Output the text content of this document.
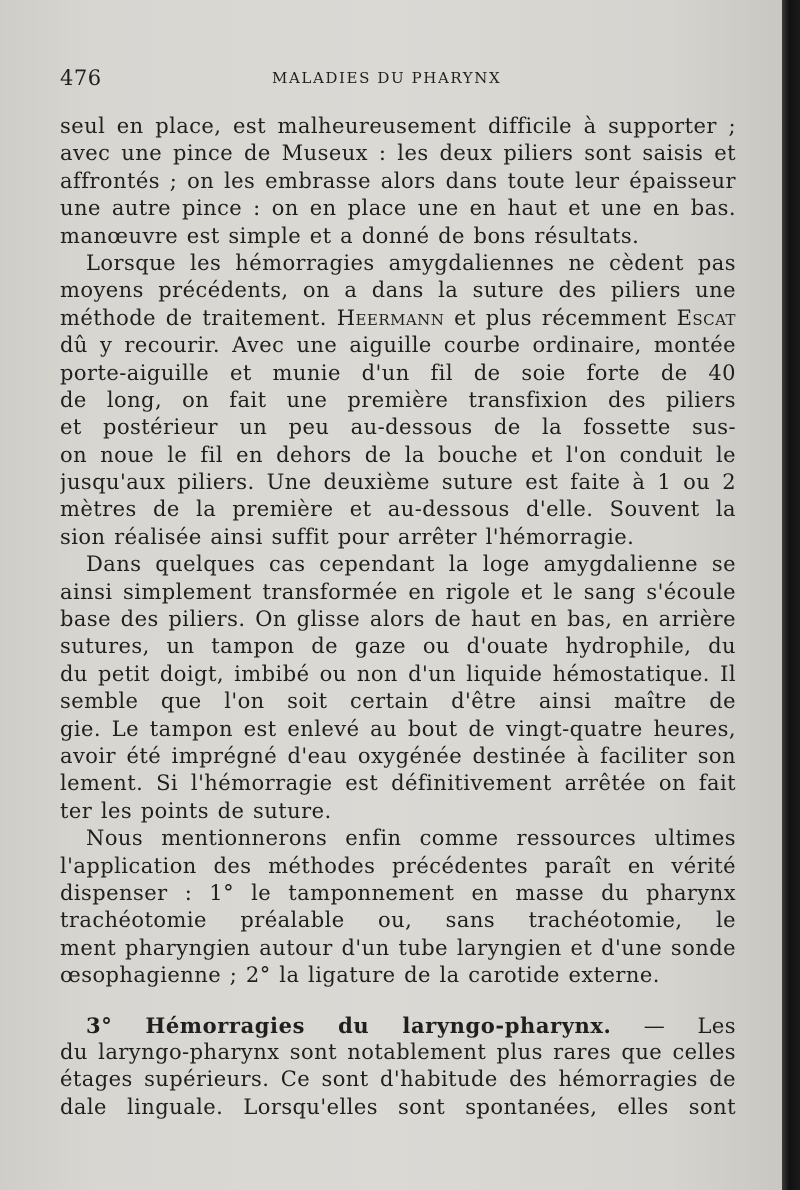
476	MALADIES DU PHARYNX
seul en place, est malheureusement difficile à supporter ;
avec une pince de Museux : les deux piliers sont saisis et
affrontés ; on les embrasse alors dans toute leur épaisseur
une autre pince : on en place une en haut et une en bas.
manœuvre est simple et a donné de bons résultats.
Lorsque les hémorragies amygdaliennes ne cèdent pas
moyens précédents, on a dans la suture des piliers une
méthode de traitement. Heermann et plus récemment Escat
dû y recourir. Avec une aiguille courbe ordinaire, montée
porte-aiguille et munie d'un fil de soie forte de 40
de long, on fait une première transfixion des piliers
et postérieur un peu au-dessous de la fossette sus-
on noue le fil en dehors de la bouche et l'on conduit le
jusqu'aux piliers. Une deuxième suture est faite à 1 ou 2
mètres de la première et au-dessous d'elle. Souvent la
sion réalisée ainsi suffit pour arrêter l'hémorragie.
Dans quelques cas cependant la loge amygdalienne se
ainsi simplement transformée en rigole et le sang s'écoule
base des piliers. On glisse alors de haut en bas, en arrière
sutures, un tampon de gaze ou d'ouate hydrophile, du
du petit doigt, imbibé ou non d'un liquide hémostatique. Il
semble que l'on soit certain d'être ainsi maître de
gie. Le tampon est enlevé au bout de vingt-quatre heures,
avoir été imprégné d'eau oxygénée destinée à faciliter son
lement. Si l'hémorragie est définitivement arrêtée on fait
ter les points de suture.
Nous mentionnerons enfin comme ressources ultimes
l'application des méthodes précédentes paraît en vérité
dispenser : 1° le tamponnement en masse du pharynx
trachéotomie préalable ou, sans trachéotomie, le
ment pharyngien autour d'un tube laryngien et d'une sonde
œsophagienne ; 2° la ligature de la carotide externe.
3° Hémorragies du laryngo-pharynx. — Les
du laryngo-pharynx sont notablement plus rares que celles
étages supérieurs. Ce sont d'habitude des hémorragies de
dale linguale. Lorsqu'elles sont spontanées, elles sont
